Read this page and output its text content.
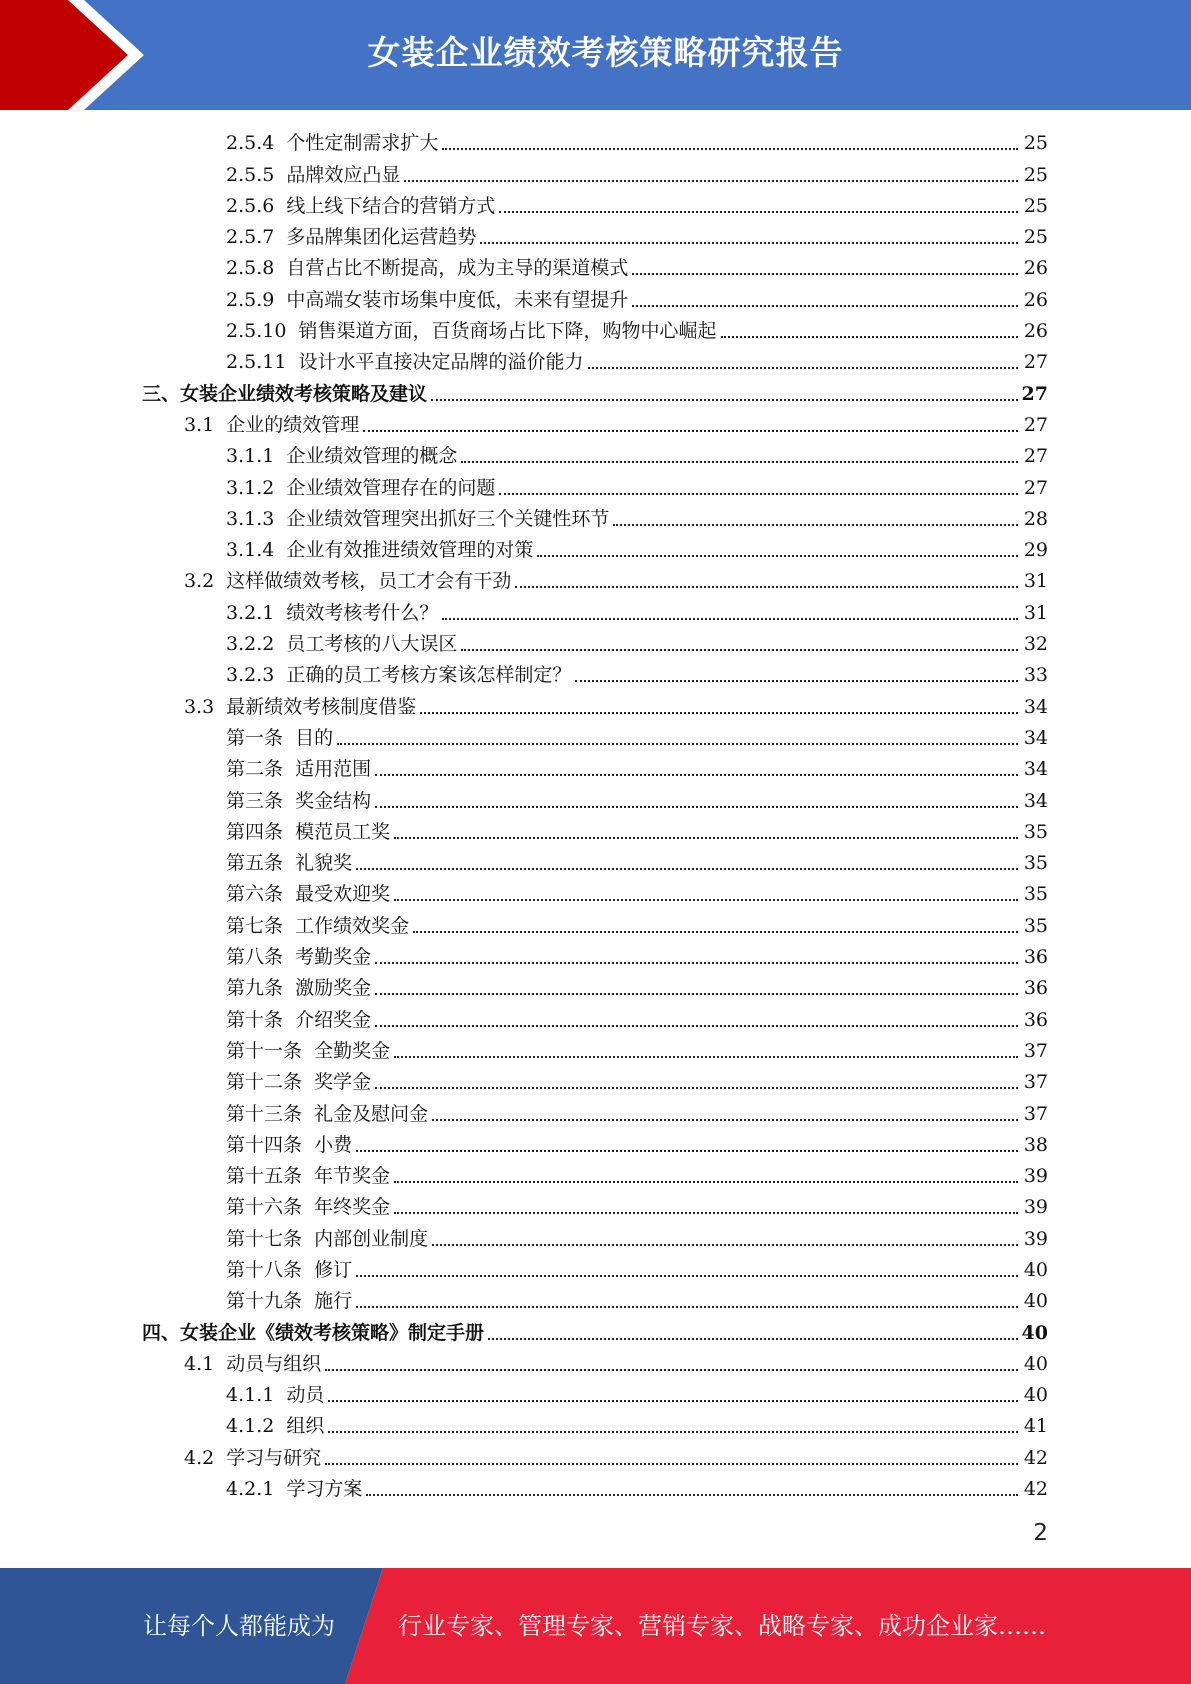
女装企业绩效考核策略研究报告
2.5.4  个性定制需求扩大	25
2.5.5  品牌效应凸显	25
2.5.6  线上线下结合的营销方式	25
2.5.7  多品牌集团化运营趋势	25
2.5.8  自营占比不断提高，成为主导的渠道模式	26
2.5.9  中高端女装市场集中度低，未来有望提升	26
2.5.10  销售渠道方面，百货商场占比下降，购物中心崛起	26
2.5.11  设计水平直接决定品牌的溢价能力	27
三、女装企业绩效考核策略及建议	27
3.1  企业的绩效管理	27
3.1.1  企业绩效管理的概念	27
3.1.2  企业绩效管理存在的问题	27
3.1.3  企业绩效管理突出抓好三个关键性环节	28
3.1.4  企业有效推进绩效管理的对策	29
3.2  这样做绩效考核，员工才会有干劲	31
3.2.1  绩效考核考什么？	31
3.2.2  员工考核的八大误区	32
3.2.3  正确的员工考核方案该怎样制定？	33
3.3  最新绩效考核制度借鉴	34
第一条  目的	34
第二条  适用范围	34
第三条  奖金结构	34
第四条  模范员工奖	35
第五条  礼貌奖	35
第六条  最受欢迎奖	35
第七条  工作绩效奖金	35
第八条  考勤奖金	36
第九条  激励奖金	36
第十条  介绍奖金	36
第十一条  全勤奖金	37
第十二条  奖学金	37
第十三条  礼金及慰问金	37
第十四条  小费	38
第十五条  年节奖金	39
第十六条  年终奖金	39
第十七条  内部创业制度	39
第十八条  修订	40
第十九条  施行	40
四、女装企业《绩效考核策略》制定手册	40
4.1  动员与组织	40
4.1.1  动员	40
4.1.2  组织	41
4.2  学习与研究	42
4.2.1  学习方案	42
2
让每个人都能成为	行业专家、管理专家、营销专家、战略专家、成功企业家……
